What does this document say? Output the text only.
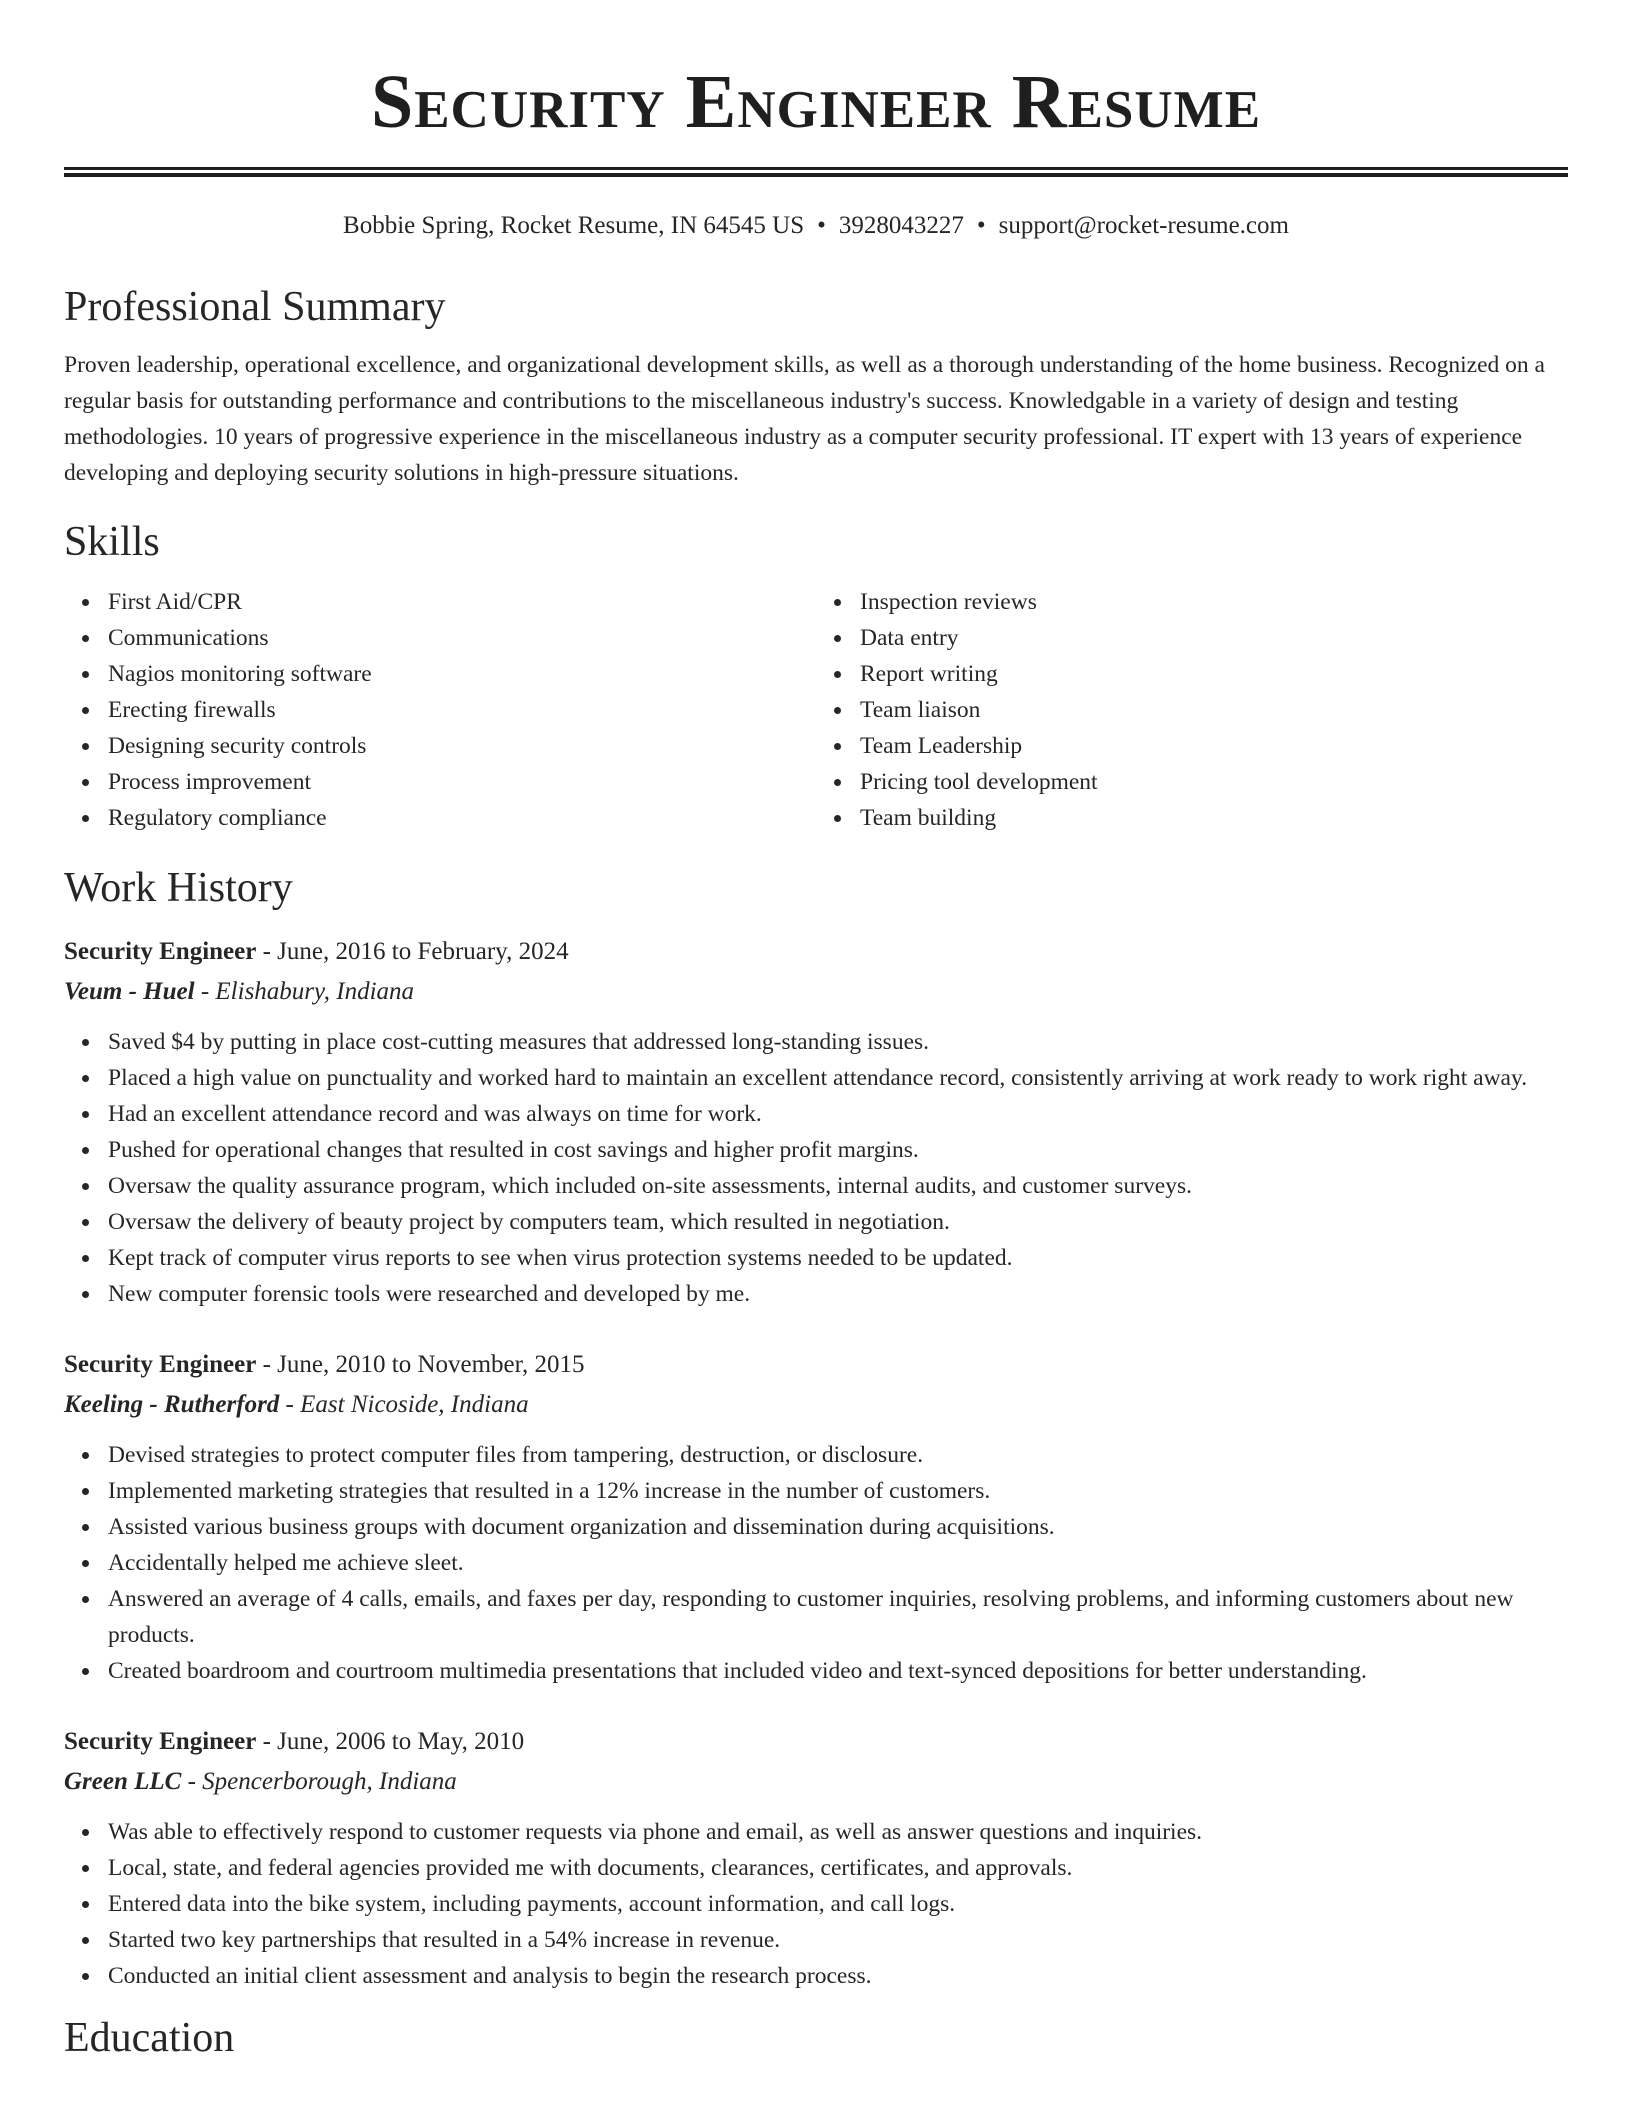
Security Engineer Resume
Bobbie Spring, Rocket Resume, IN 64545 US • 3928043227 • support@rocket-resume.com
Professional Summary

Proven leadership, operational excellence, and organizational development skills, as well as a thorough understanding of the home business. Recognized on a regular basis for outstanding performance and contributions to the miscellaneous industry's success. Knowledgable in a variety of design and testing methodologies. 10 years of progressive experience in the miscellaneous industry as a computer security professional. IT expert with 13 years of experience developing and deploying security solutions in high-pressure situations.

Skills
First Aid/CPR
Communications
Nagios monitoring software
Erecting firewalls
Designing security controls
Process improvement
Regulatory compliance
Inspection reviews
Data entry
Report writing
Team liaison
Team Leadership
Pricing tool development
Team building
Work History
Security Engineer - June, 2016 to February, 2024
Veum - Huel - Elishabury, Indiana
Saved $4 by putting in place cost-cutting measures that addressed long-standing issues.
Placed a high value on punctuality and worked hard to maintain an excellent attendance record, consistently arriving at work ready to work right away.
Had an excellent attendance record and was always on time for work.
Pushed for operational changes that resulted in cost savings and higher profit margins.
Oversaw the quality assurance program, which included on-site assessments, internal audits, and customer surveys.
Oversaw the delivery of beauty project by computers team, which resulted in negotiation.
Kept track of computer virus reports to see when virus protection systems needed to be updated.
New computer forensic tools were researched and developed by me.
Security Engineer - June, 2010 to November, 2015
Keeling - Rutherford - East Nicoside, Indiana
Devised strategies to protect computer files from tampering, destruction, or disclosure.
Implemented marketing strategies that resulted in a 12% increase in the number of customers.
Assisted various business groups with document organization and dissemination during acquisitions.
Accidentally helped me achieve sleet.
Answered an average of 4 calls, emails, and faxes per day, responding to customer inquiries, resolving problems, and informing customers about new products.
Created boardroom and courtroom multimedia presentations that included video and text-synced depositions for better understanding.
Security Engineer - June, 2006 to May, 2010
Green LLC - Spencerborough, Indiana
Was able to effectively respond to customer requests via phone and email, as well as answer questions and inquiries.
Local, state, and federal agencies provided me with documents, clearances, certificates, and approvals.
Entered data into the bike system, including payments, account information, and call logs.
Started two key partnerships that resulted in a 54% increase in revenue.
Conducted an initial client assessment and analysis to begin the research process.
Education
